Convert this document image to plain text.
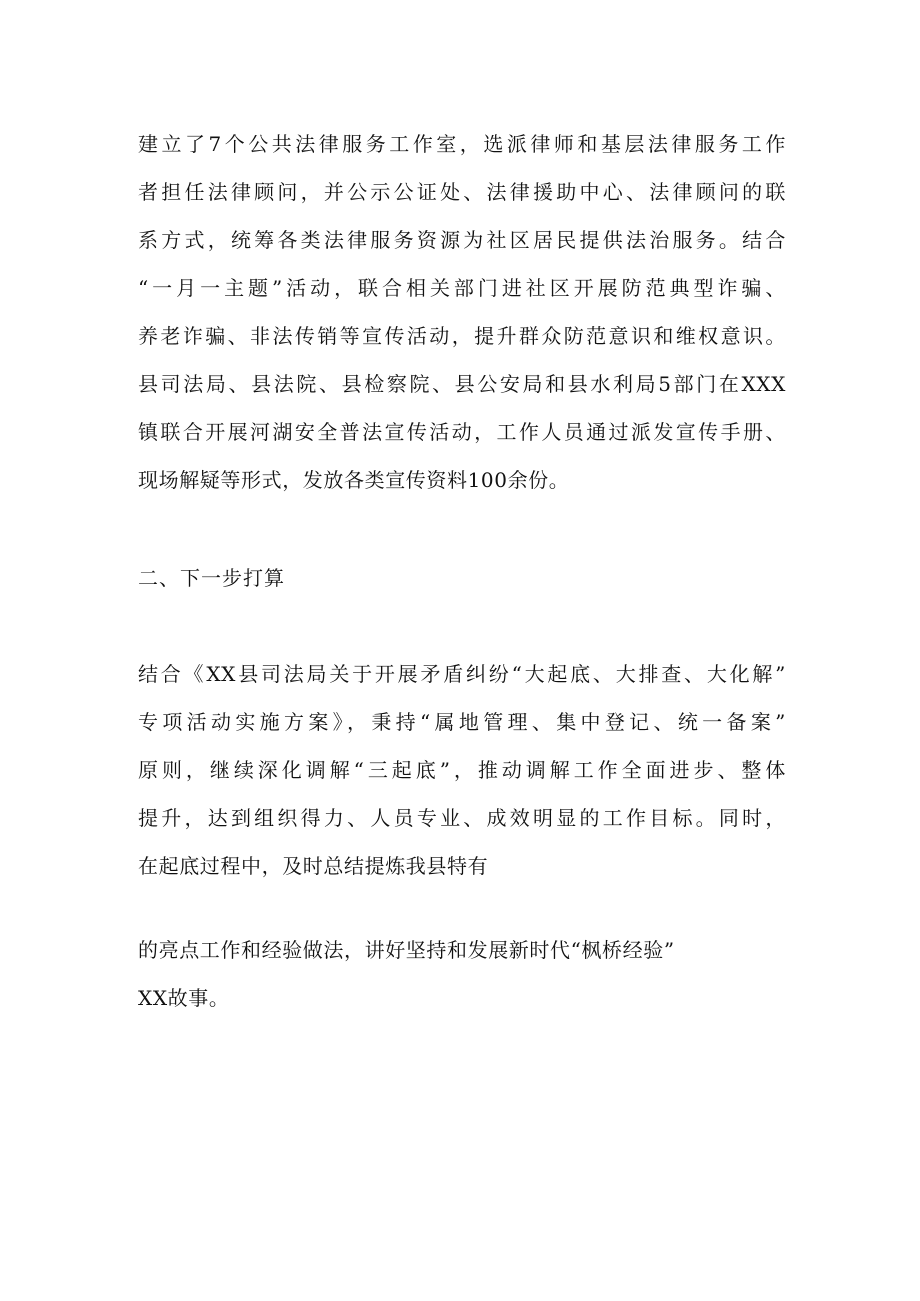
建立了7个公共法律服务工作室，选派律师和基层法律服务工作
者担任法律顾问，并公示公证处、法律援助中心、法律顾问的联
系方式，统筹各类法律服务资源为社区居民提供法治服务。结合
“一月一主题”活动，联合相关部门进社区开展防范典型诈骗、
养老诈骗、非法传销等宣传活动，提升群众防范意识和维权意识。
县司法局、县法院、县检察院、县公安局和县水利局5部门在XXX
镇联合开展河湖安全普法宣传活动，工作人员通过派发宣传手册、
现场解疑等形式，发放各类宣传资料100余份。
二、下一步打算
结合《XX县司法局关于开展矛盾纠纷“大起底、大排查、大化解”
专项活动实施方案》，秉持“属地管理、集中登记、统一备案”
原则，继续深化调解“三起底”，推动调解工作全面进步、整体
提升，达到组织得力、人员专业、成效明显的工作目标。同时，
在起底过程中，及时总结提炼我县特有
的亮点工作和经验做法，讲好坚持和发展新时代“枫桥经验”
XX故事。
